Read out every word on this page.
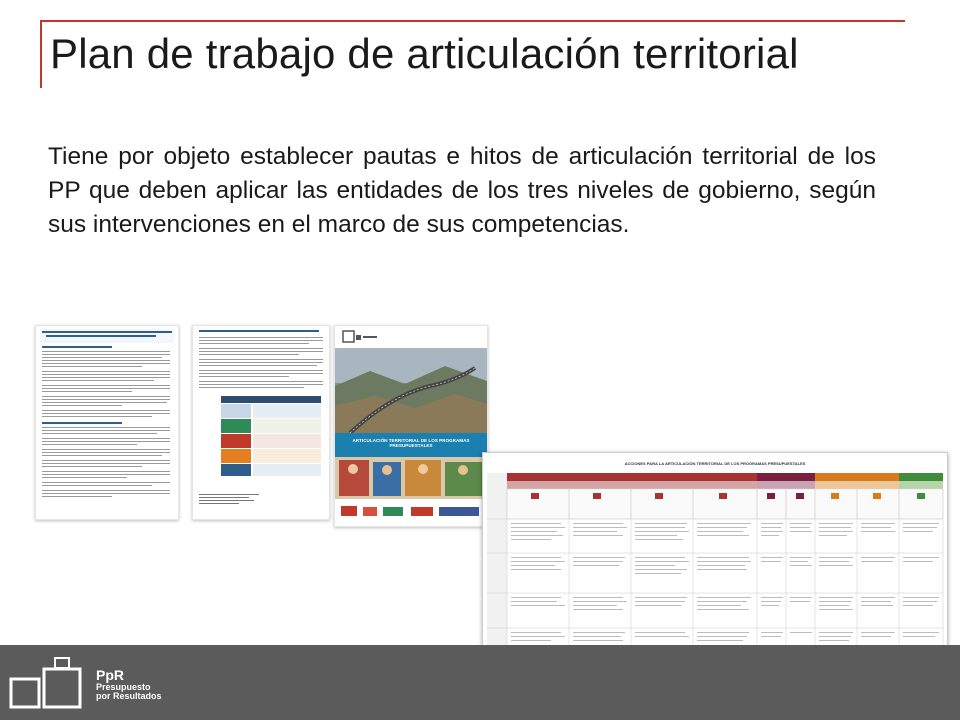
Plan de trabajo de articulación territorial
Tiene por objeto establecer pautas e hitos de articulación territorial de los PP que deben aplicar las entidades de los tres niveles de gobierno, según sus intervenciones en el marco de sus competencias.
ARTICULACIÓN TERRITORIAL DE LOS PROGRAMAS PRESUPUESTALES
ACCIONES PARA LA ARTICULACIÓN TERRITORIAL DE LOS PROGRAMAS PRESUPUESTALES
PpR
Presupuesto
por Resultados
